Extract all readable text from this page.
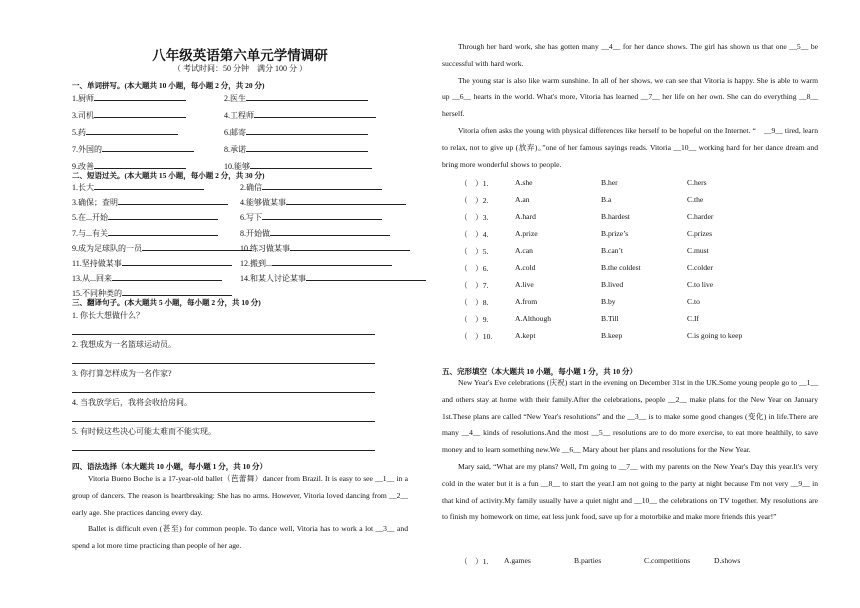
八年级英语第六单元学情调研
（ 考试时间：50 分钟　满分 100 分 ）
一、单词拼写。(本大题共 10 小题，每小题 2 分，共 20 分)
1.厨师	2.医生
3.司机	4.工程师
5.药	6.邮寄
7.外国的	8.承诺
9.改善	10.能够
二、短语过关。(本大题共 15 小题，每小题 2 分，共 30 分)
1.长大	2.确信
3.确保；查明	4.能够做某事
5.在...开始	6.写下
7.与...有关	8.开始做
9.成为足球队的一员	10.练习做某事
11.坚持做某事	12.搬到...
13.从...回来	14.和某人讨论某事
15.不同种类的
三、翻译句子。(本大题共 5 小题，每小题 2 分，共 10 分)
1. 你长大想做什么？
2. 我想成为一名篮球运动员。
3. 你打算怎样成为一名作家?
4. 当我放学后，我将会收拾房间。
5. 有时候这些决心可能太难而不能实现。
四、语法选择（本大题共 10 小题，每小题 1 分，共 10 分）

Vitoria Bueno Boche is a 17-year-old ballet（芭蕾舞）dancer from Brazil. It is easy to see __1__ in a group of dancers. The reason is heartbreaking: She has no arms. However, Vitoria loved dancing from __2__ early age. She practices dancing every day.

Ballet is difficult even (甚至) for common people. To dance well, Vitoria has to work a lot __3__ and spend a lot more time practicing than people of her age.

Through her hard work, she has gotten many __4__ for her dance shows. The girl has shown us that one __5__ be successful with hard work.

The young star is also like warm sunshine. In all of her shows, we can see that Vitoria is happy. She is able to warm up __6__ hearts in the world. What's more, Vitoria has learned __7__ her life on her own. She can do everything __8__ herself.

Vitoria often asks the young with physical differences like herself to be hopeful on the Internet. “　__9__ tired, learn to relax, not to give up (放弃)。”one of her famous sayings reads. Vitoria __10__ working hard for her dance dream and bring more wonderful shows to people.

（　）1.	A.she	B.her	C.hers
（　）2.	A.an	B.a	C.the
（　）3.	A.hard	B.hardest	C.harder
（　）4.	A.prize	B.prize’s	C.prizes
（　）5.	A.can	B.can’t	C.must
（　）6.	A.cold	B.the coldest	C.colder
（　）7.	A.live	B.lived	C.to live
（　）8.	A.from	B.by	C.to
（　）9.	A.Although	B.Till	C.If
（　）10.	A.kept	B.keep	C.is going to keep
五、完形填空（本大题共 10 小题，每小题 1 分，共 10 分）

New Year's Eve celebrations (庆祝) start in the evening on December 31st in the UK.Some young people go to __1__ and others stay at home with their family.After the celebrations, people __2__ make plans for the New Year on January 1st.These plans are called “New Year's resolutions” and the __3__ is to make some good changes (变化) in life.There are many __4__ kinds of resolutions.And the most __5__ resolutions are to do more exercise, to eat more healthily, to save money and to learn something new.We __6__ Mary about her plans and resolutions for the New Year.

Mary said, “What are my plans? Well, I'm going to __7__ with my parents on the New Year's Day this year.It's very cold in the water but it is a fun __8__ to start the year.I am not going to the party at night because I'm not very __9__ in that kind of activity.My family usually have a quiet night and __10__ the celebrations on TV together. My resolutions are to finish my homework on time, eat less junk food, save up for a motorbike and make more friends this year!”

（　）1. A.games	B.parties	C.competitions	D.shows
